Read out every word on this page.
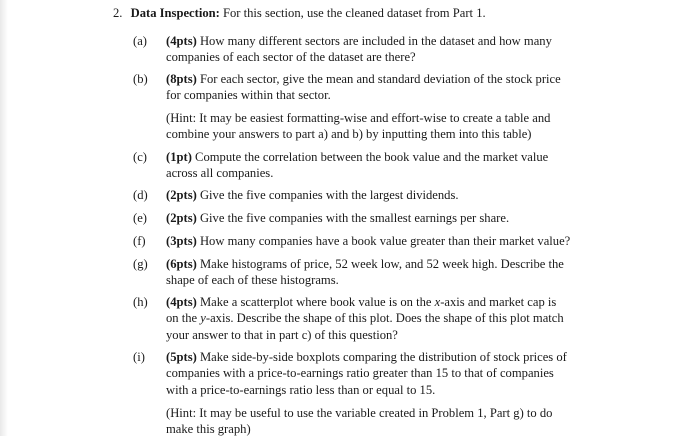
2. Data Inspection: For this section, use the cleaned dataset from Part 1.
(a)	(4pts) How many different sectors are included in the dataset and how many
companies of each sector of the dataset are there?
(b)	(8pts) For each sector, give the mean and standard deviation of the stock price
for companies within that sector.
(Hint: It may be easiest formatting-wise and effort-wise to create a table and
combine your answers to part a) and b) by inputting them into this table)
(c)	(1pt) Compute the correlation between the book value and the market value
across all companies.
(d)	(2pts) Give the five companies with the largest dividends.
(e)	(2pts) Give the five companies with the smallest earnings per share.
(f)	(3pts) How many companies have a book value greater than their market value?
(g)	(6pts) Make histograms of price, 52 week low, and 52 week high. Describe the
shape of each of these histograms.
(h)	(4pts) Make a scatterplot where book value is on the x-axis and market cap is
on the y-axis. Describe the shape of this plot. Does the shape of this plot match
your answer to that in part c) of this question?
(i)	(5pts) Make side-by-side boxplots comparing the distribution of stock prices of
companies with a price-to-earnings ratio greater than 15 to that of companies
with a price-to-earnings ratio less than or equal to 15.
(Hint: It may be useful to use the variable created in Problem 1, Part g) to do
make this graph)
